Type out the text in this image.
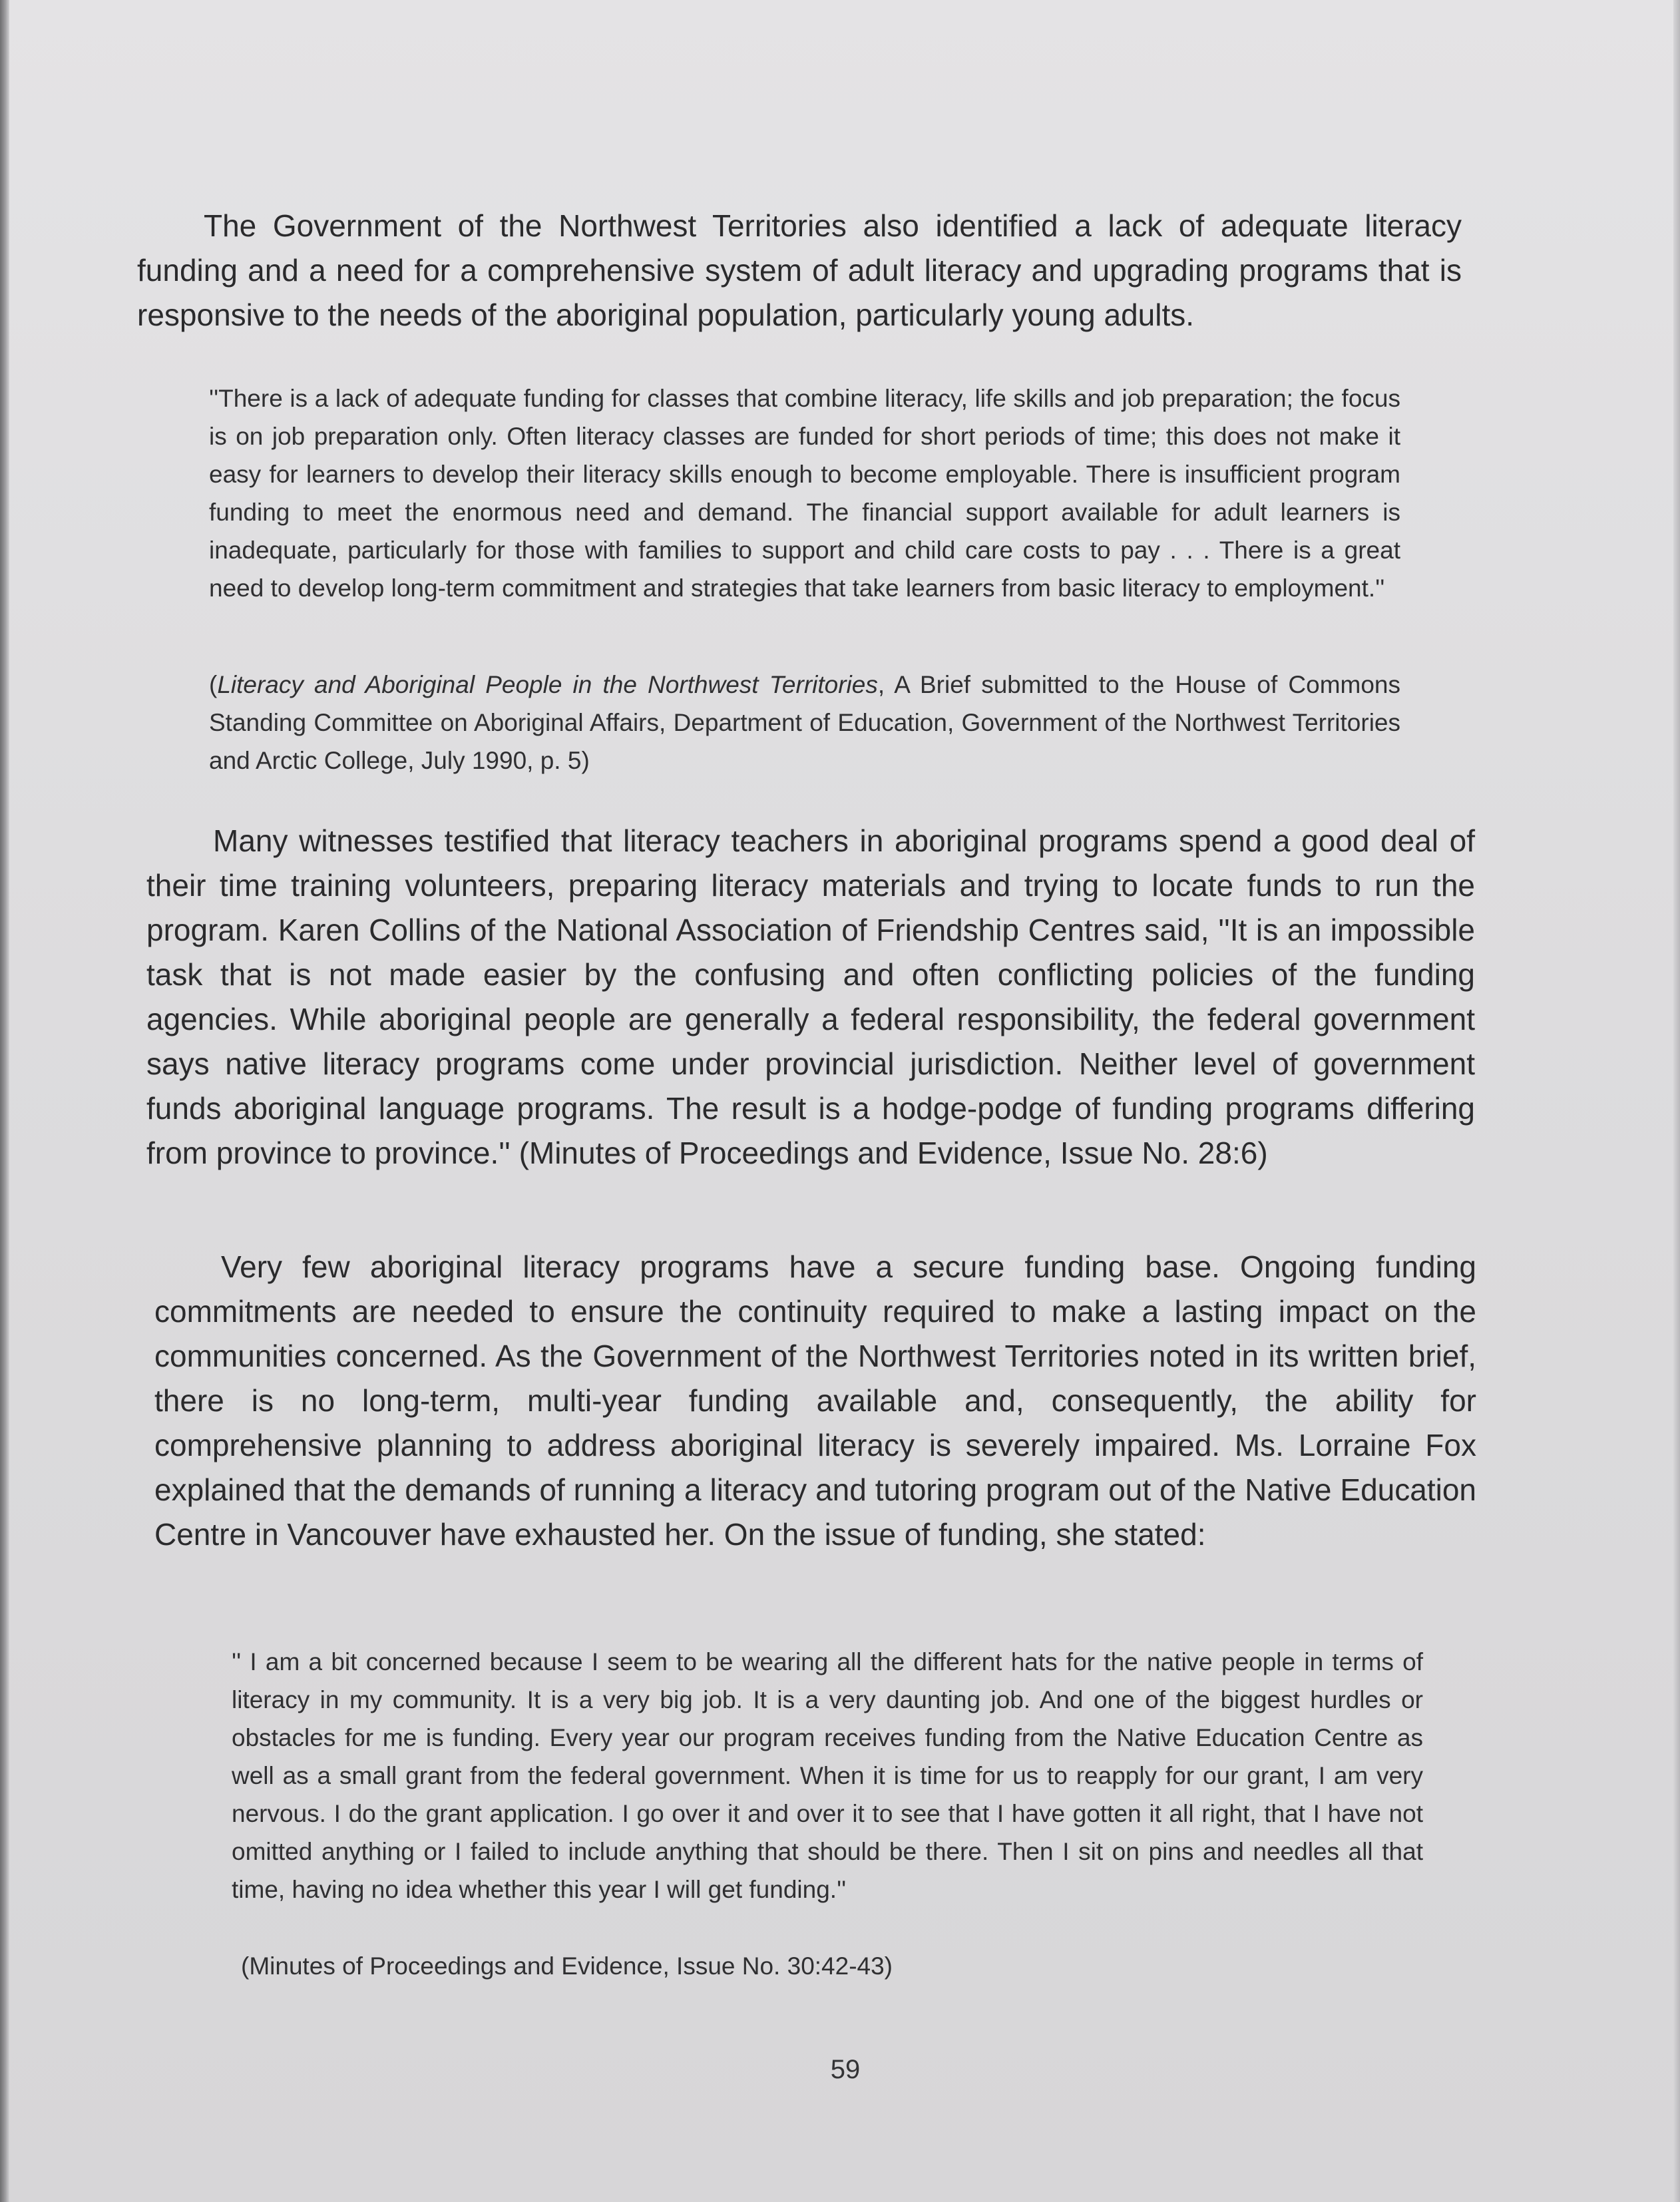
The Government of the Northwest Territories also identified a lack of adequate literacy funding and a need for a comprehensive system of adult literacy and upgrading programs that is responsive to the needs of the aboriginal population, particularly young adults.

''There is a lack of adequate funding for classes that combine literacy, life skills and job preparation; the focus is on job preparation only. Often literacy classes are funded for short periods of time; this does not make it easy for learners to develop their literacy skills enough to become employable. There is insufficient program funding to meet the enormous need and demand. The financial support available for adult learners is inadequate, particularly for those with families to support and child care costs to pay . . . There is a great need to develop long-term commitment and strategies that take learners from basic literacy to employment.''

(Literacy and Aboriginal People in the Northwest Territories, A Brief submitted to the House of Commons Standing Committee on Aboriginal Affairs, Department of Education, Government of the Northwest Territories and Arctic College, July 1990, p. 5)

Many witnesses testified that literacy teachers in aboriginal programs spend a good deal of their time training volunteers, preparing literacy materials and trying to locate funds to run the program. Karen Collins of the National Association of Friendship Centres said, ''It is an impossible task that is not made easier by the confusing and often conflicting policies of the funding agencies. While aboriginal people are generally a federal responsibility, the federal government says native literacy programs come under provincial jurisdiction. Neither level of government funds aboriginal language programs. The result is a hodge-podge of funding programs differing from province to province.'' (Minutes of Proceedings and Evidence, Issue No. 28:6)

Very few aboriginal literacy programs have a secure funding base. Ongoing funding commitments are needed to ensure the continuity required to make a lasting impact on the communities concerned. As the Government of the Northwest Territories noted in its written brief, there is no long-term, multi-year funding available and, consequently, the ability for comprehensive planning to address aboriginal literacy is severely impaired. Ms. Lorraine Fox explained that the demands of running a literacy and tutoring program out of the Native Education Centre in Vancouver have exhausted her. On the issue of funding, she stated:

'' I am a bit concerned because I seem to be wearing all the different hats for the native people in terms of literacy in my community. It is a very big job. It is a very daunting job. And one of the biggest hurdles or obstacles for me is funding. Every year our program receives funding from the Native Education Centre as well as a small grant from the federal government. When it is time for us to reapply for our grant, I am very nervous. I do the grant application. I go over it and over it to see that I have gotten it all right, that I have not omitted anything or I failed to include anything that should be there. Then I sit on pins and needles all that time, having no idea whether this year I will get funding.''

(Minutes of Proceedings and Evidence, Issue No. 30:42-43)

59
